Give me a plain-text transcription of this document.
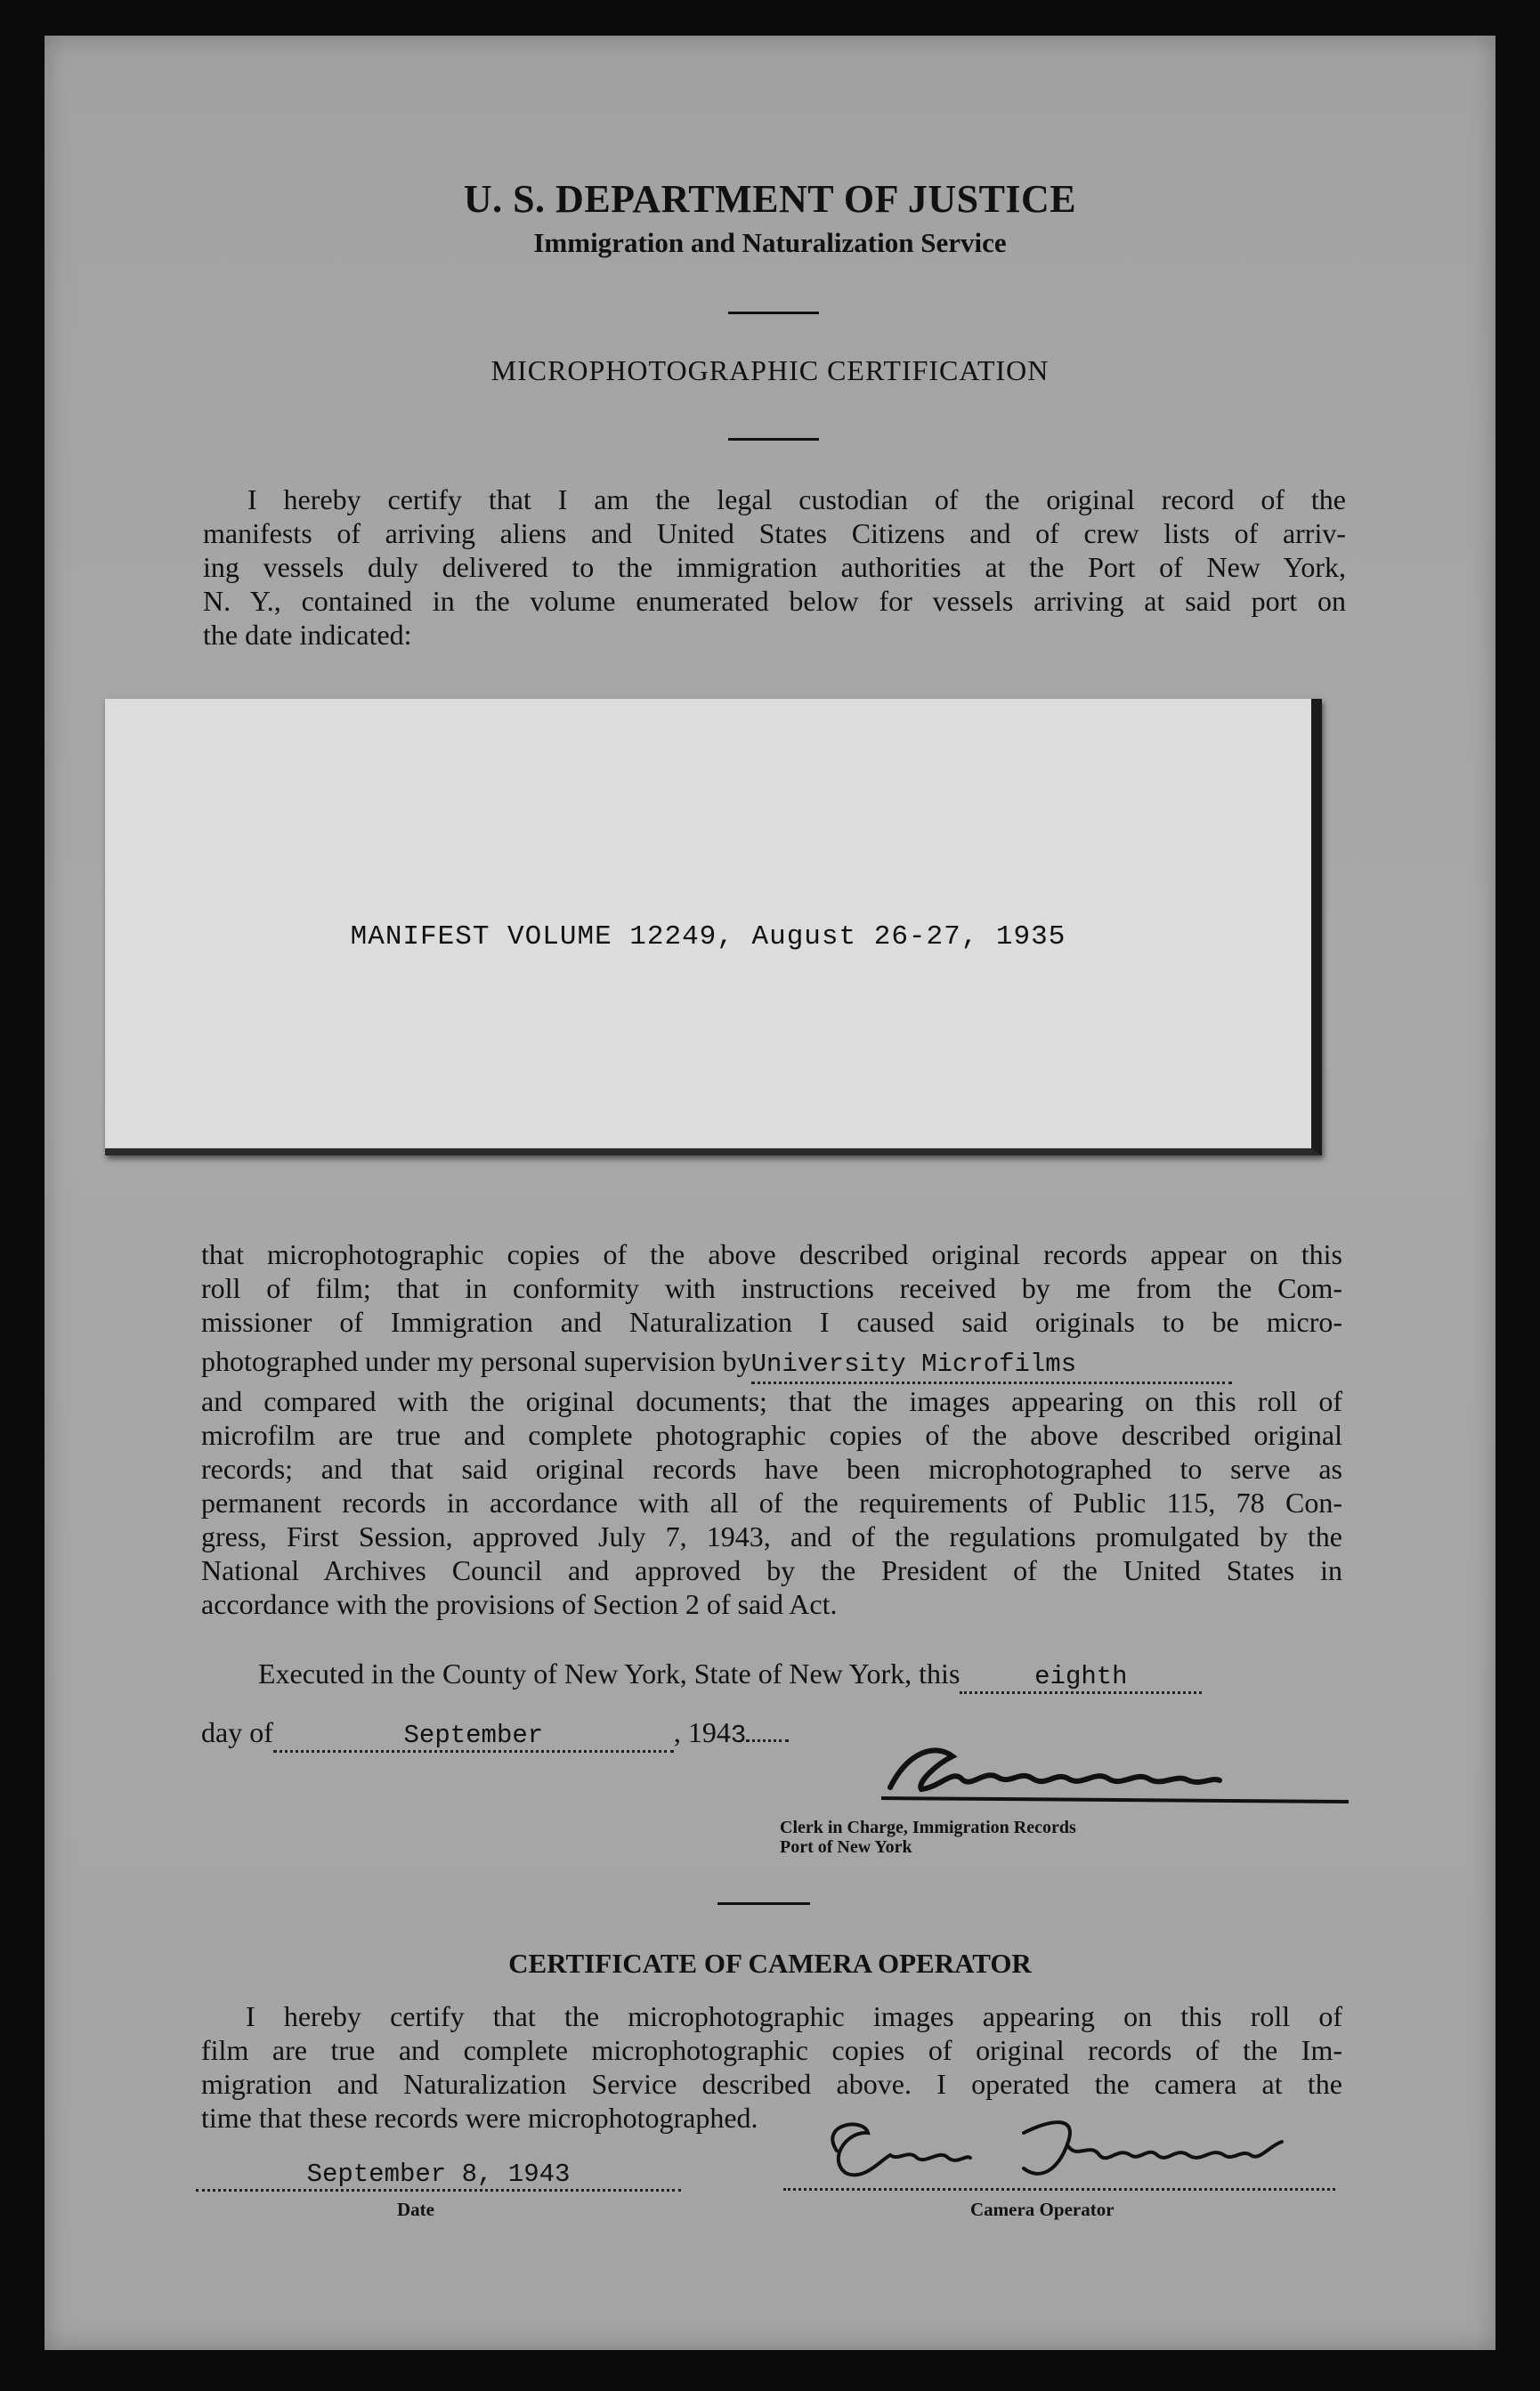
U. S. DEPARTMENT OF JUSTICE
Immigration and Naturalization Service
MICROPHOTOGRAPHIC CERTIFICATION

I hereby certify that I am the legal custodian of the original record of the

manifests of arriving aliens and United States Citizens and of crew lists of arriv-

ing vessels duly delivered to the immigration authorities at the Port of New York,

N. Y., contained in the volume enumerated below for vessels arriving at said port on

the date indicated:

MANIFEST VOLUME 12249, August 26-27, 1935

that microphotographic copies of the above described original records appear on this

roll of film; that in conformity with instructions received by me from the Com-

missioner of Immigration and Naturalization I caused said originals to be micro-

photographed under my personal supervision byUniversity Microfilms

and compared with the original documents; that the images appearing on this roll of

microfilm are true and complete photographic copies of the above described original

records; and that said original records have been microphotographed to serve as

permanent records in accordance with all of the requirements of Public 115, 78 Con-

gress, First Session, approved July 7, 1943, and of the regulations promulgated by the

National Archives Council and approved by the President of the United States in

accordance with the provisions of Section 2 of said Act.

Executed in the County of New York, State of New York, this	eighth
day of	September	, 1943
Clerk in Charge, Immigration Records
Port of New York
CERTIFICATE OF CAMERA OPERATOR

I hereby certify that the microphotographic images appearing on this roll of

film are true and complete microphotographic copies of original records of the Im-

migration and Naturalization Service described above. I operated the camera at the

time that these records were microphotographed.

September 8, 1943
Date	Camera Operator
